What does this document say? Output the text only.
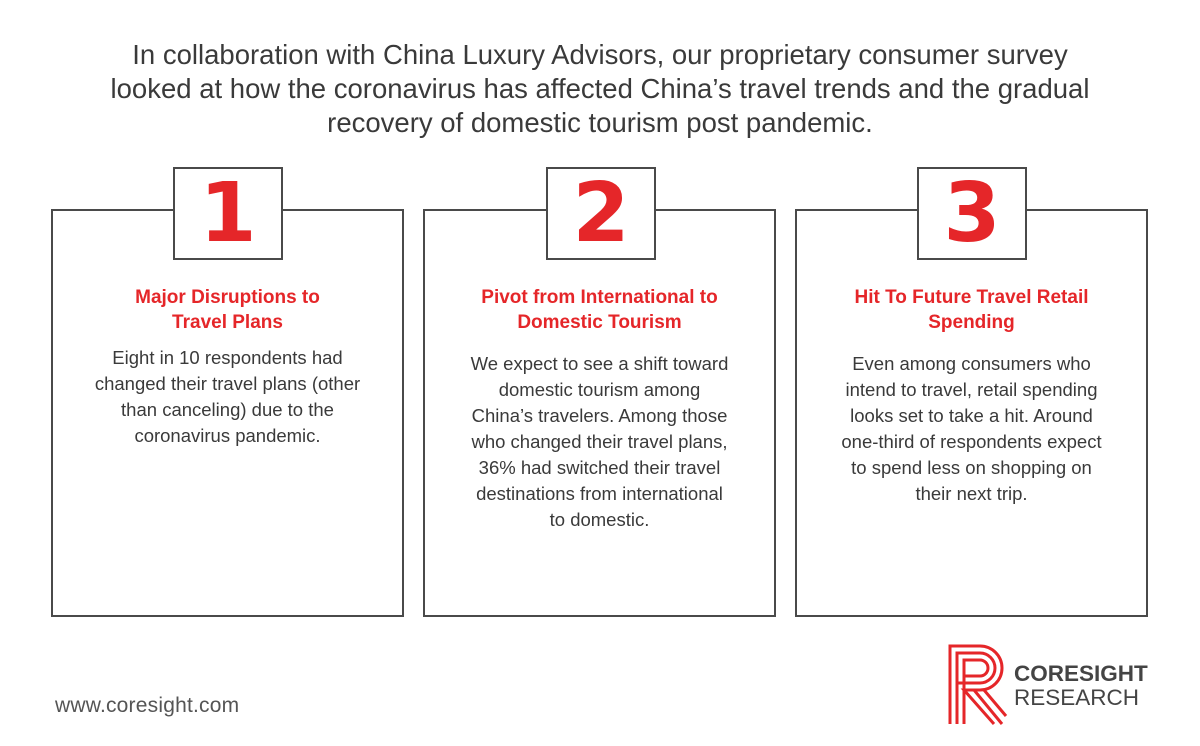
In collaboration with China Luxury Advisors, our proprietary consumer survey
looked at how the coronavirus has affected China’s travel trends and the gradual
recovery of domestic tourism post pandemic.
Major Disruptions to
Travel Plans
Eight in 10 respondents had
changed their travel plans (other
than canceling) due to the
coronavirus pandemic.
1
Pivot from International to
Domestic Tourism
We expect to see a shift toward
domestic tourism among
China’s travelers. Among those
who changed their travel plans,
36% had switched their travel
destinations from international
to domestic.
2
Hit To Future Travel Retail
Spending
Even among consumers who
intend to travel, retail spending
looks set to take a hit. Around
one-third of respondents expect
to spend less on shopping on
their next trip.
3
www.coresight.com
CORESIGHT
RESEARCH
